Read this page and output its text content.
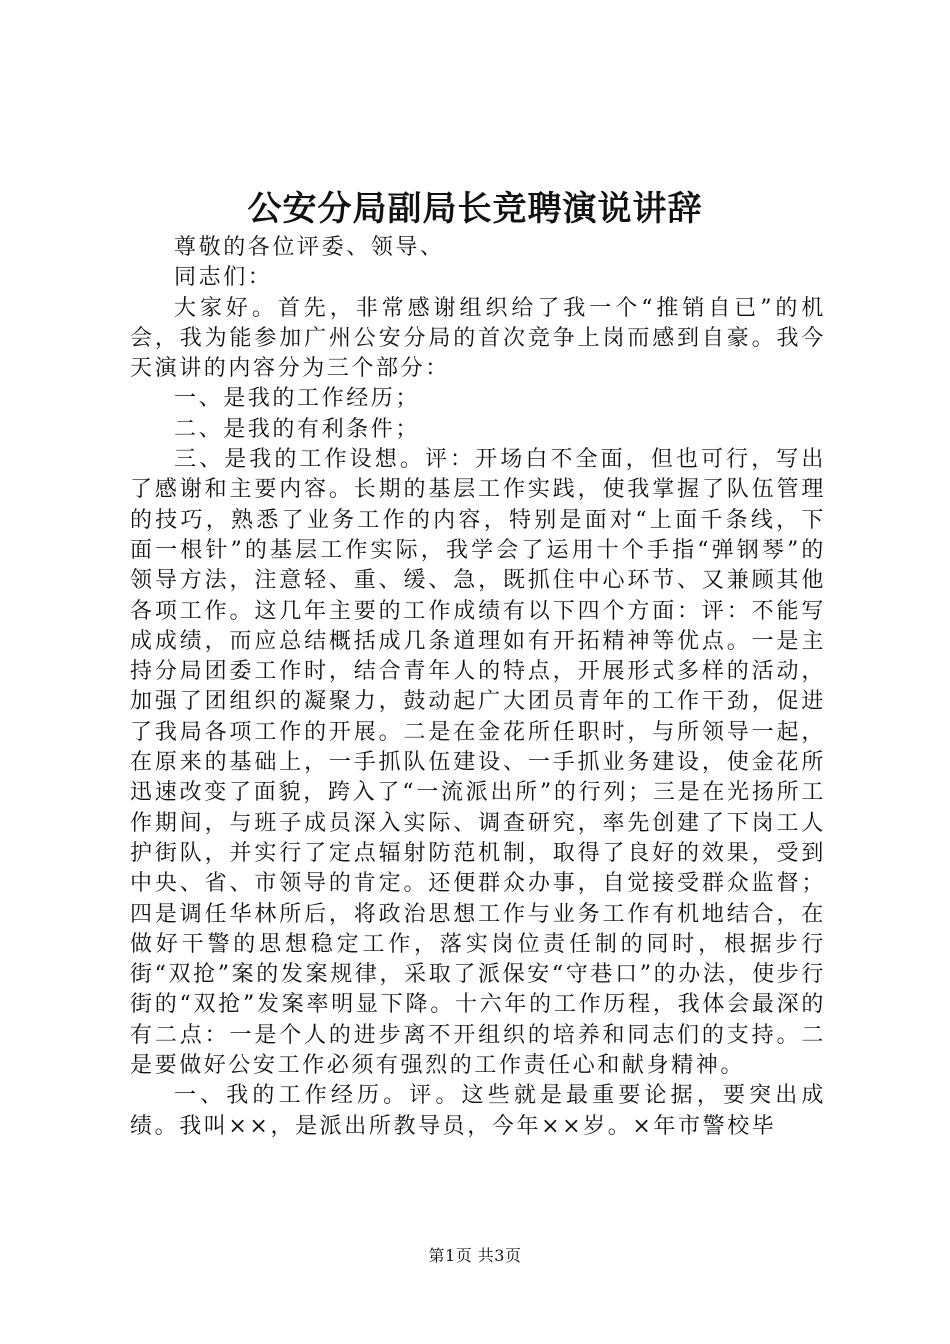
公安分局副局长竞聘演说讲辞

尊敬的各位评委、领导、

同志们：

大家好。首先，非常感谢组织给了我一个“推销自已”的机会，我为能参加广州公安分局的首次竞争上岗而感到自豪。我今天演讲的内容分为三个部分：

一、是我的工作经历；

二、是我的有利条件；

三、是我的工作设想。评：开场白不全面，但也可行，写出了感谢和主要内容。长期的基层工作实践，使我掌握了队伍管理的技巧，熟悉了业务工作的内容，特别是面对“上面千条线，下面一根针”的基层工作实际，我学会了运用十个手指“弹钢琴”的领导方法，注意轻、重、缓、急，既抓住中心环节、又兼顾其他各项工作。这几年主要的工作成绩有以下四个方面：评：不能写成成绩，而应总结概括成几条道理如有开拓精神等优点。一是主持分局团委工作时，结合青年人的特点，开展形式多样的活动，加强了团组织的凝聚力，鼓动起广大团员青年的工作干劲，促进了我局各项工作的开展。二是在金花所任职时，与所领导一起，在原来的基础上，一手抓队伍建设、一手抓业务建设，使金花所迅速改变了面貌，跨入了“一流派出所”的行列；三是在光扬所工作期间，与班子成员深入实际、调查研究，率先创建了下岗工人护街队，并实行了定点辐射防范机制，取得了良好的效果，受到中央、省、市领导的肯定。还便群众办事，自觉接受群众监督；四是调任华林所后，将政治思想工作与业务工作有机地结合，在做好干警的思想稳定工作，落实岗位责任制的同时，根据步行街“双抢”案的发案规律，采取了派保安“守巷口”的办法，使步行街的“双抢”发案率明显下降。十六年的工作历程，我体会最深的有二点：一是个人的进步离不开组织的培养和同志们的支持。二是要做好公安工作必须有强烈的工作责任心和献身精神。

一、我的工作经历。评。这些就是最重要论据，要突出成绩。我叫××，是派出所教导员，今年××岁。×年市警校毕

第1页 共3页
